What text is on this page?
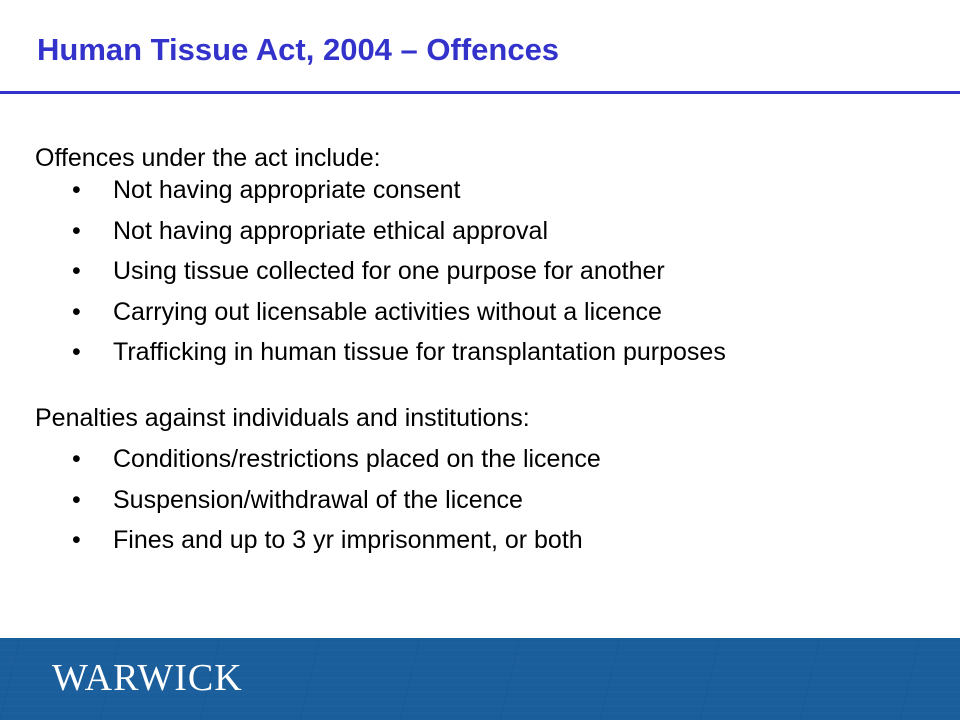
Human Tissue Act, 2004 – Offences
Offences under the act include:
• Not having appropriate consent
• Not having appropriate ethical approval
• Using tissue collected for one purpose for another
• Carrying out licensable activities without a licence
• Trafficking in human tissue for transplantation purposes
Penalties against individuals and institutions:
• Conditions/restrictions placed on the licence
• Suspension/withdrawal of the licence
• Fines and up to 3 yr imprisonment, or both
WARWICK
